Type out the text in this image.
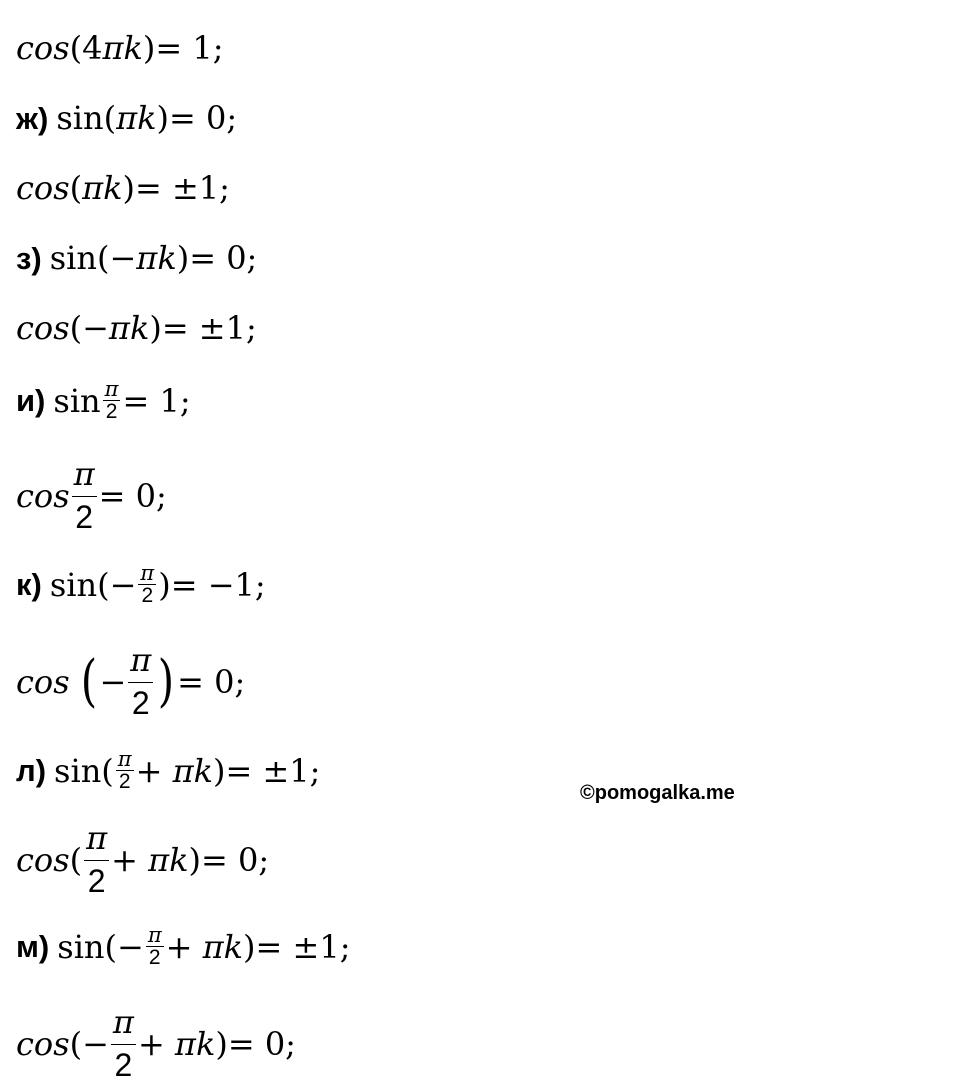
cos (4πk) = 1;
ж) sin (πk) = 0;
cos (πk) = ±1;
з) sin (−πk) = 0;
cos (−πk) = ±1;
и) $\sin \frac{\pi}{2} = 1$;
$\cos \frac{\pi}{2} = 0$;
к) sin (− $\frac{\pi}{2}$ ) = −1;
cos ( − $\frac{\pi}{2}$ ) = 0;
л) sin ( $\frac{\pi}{2} + \pi k) = \pm 1$;
cos ( $\frac{\pi}{2} + \pi k) = 0$;
м) sin (− $\frac{\pi}{2} + \pi k) = \pm 1$;
cos (− $\frac{\pi}{2} + \pi k) = 0$;
©pomogalka.me
